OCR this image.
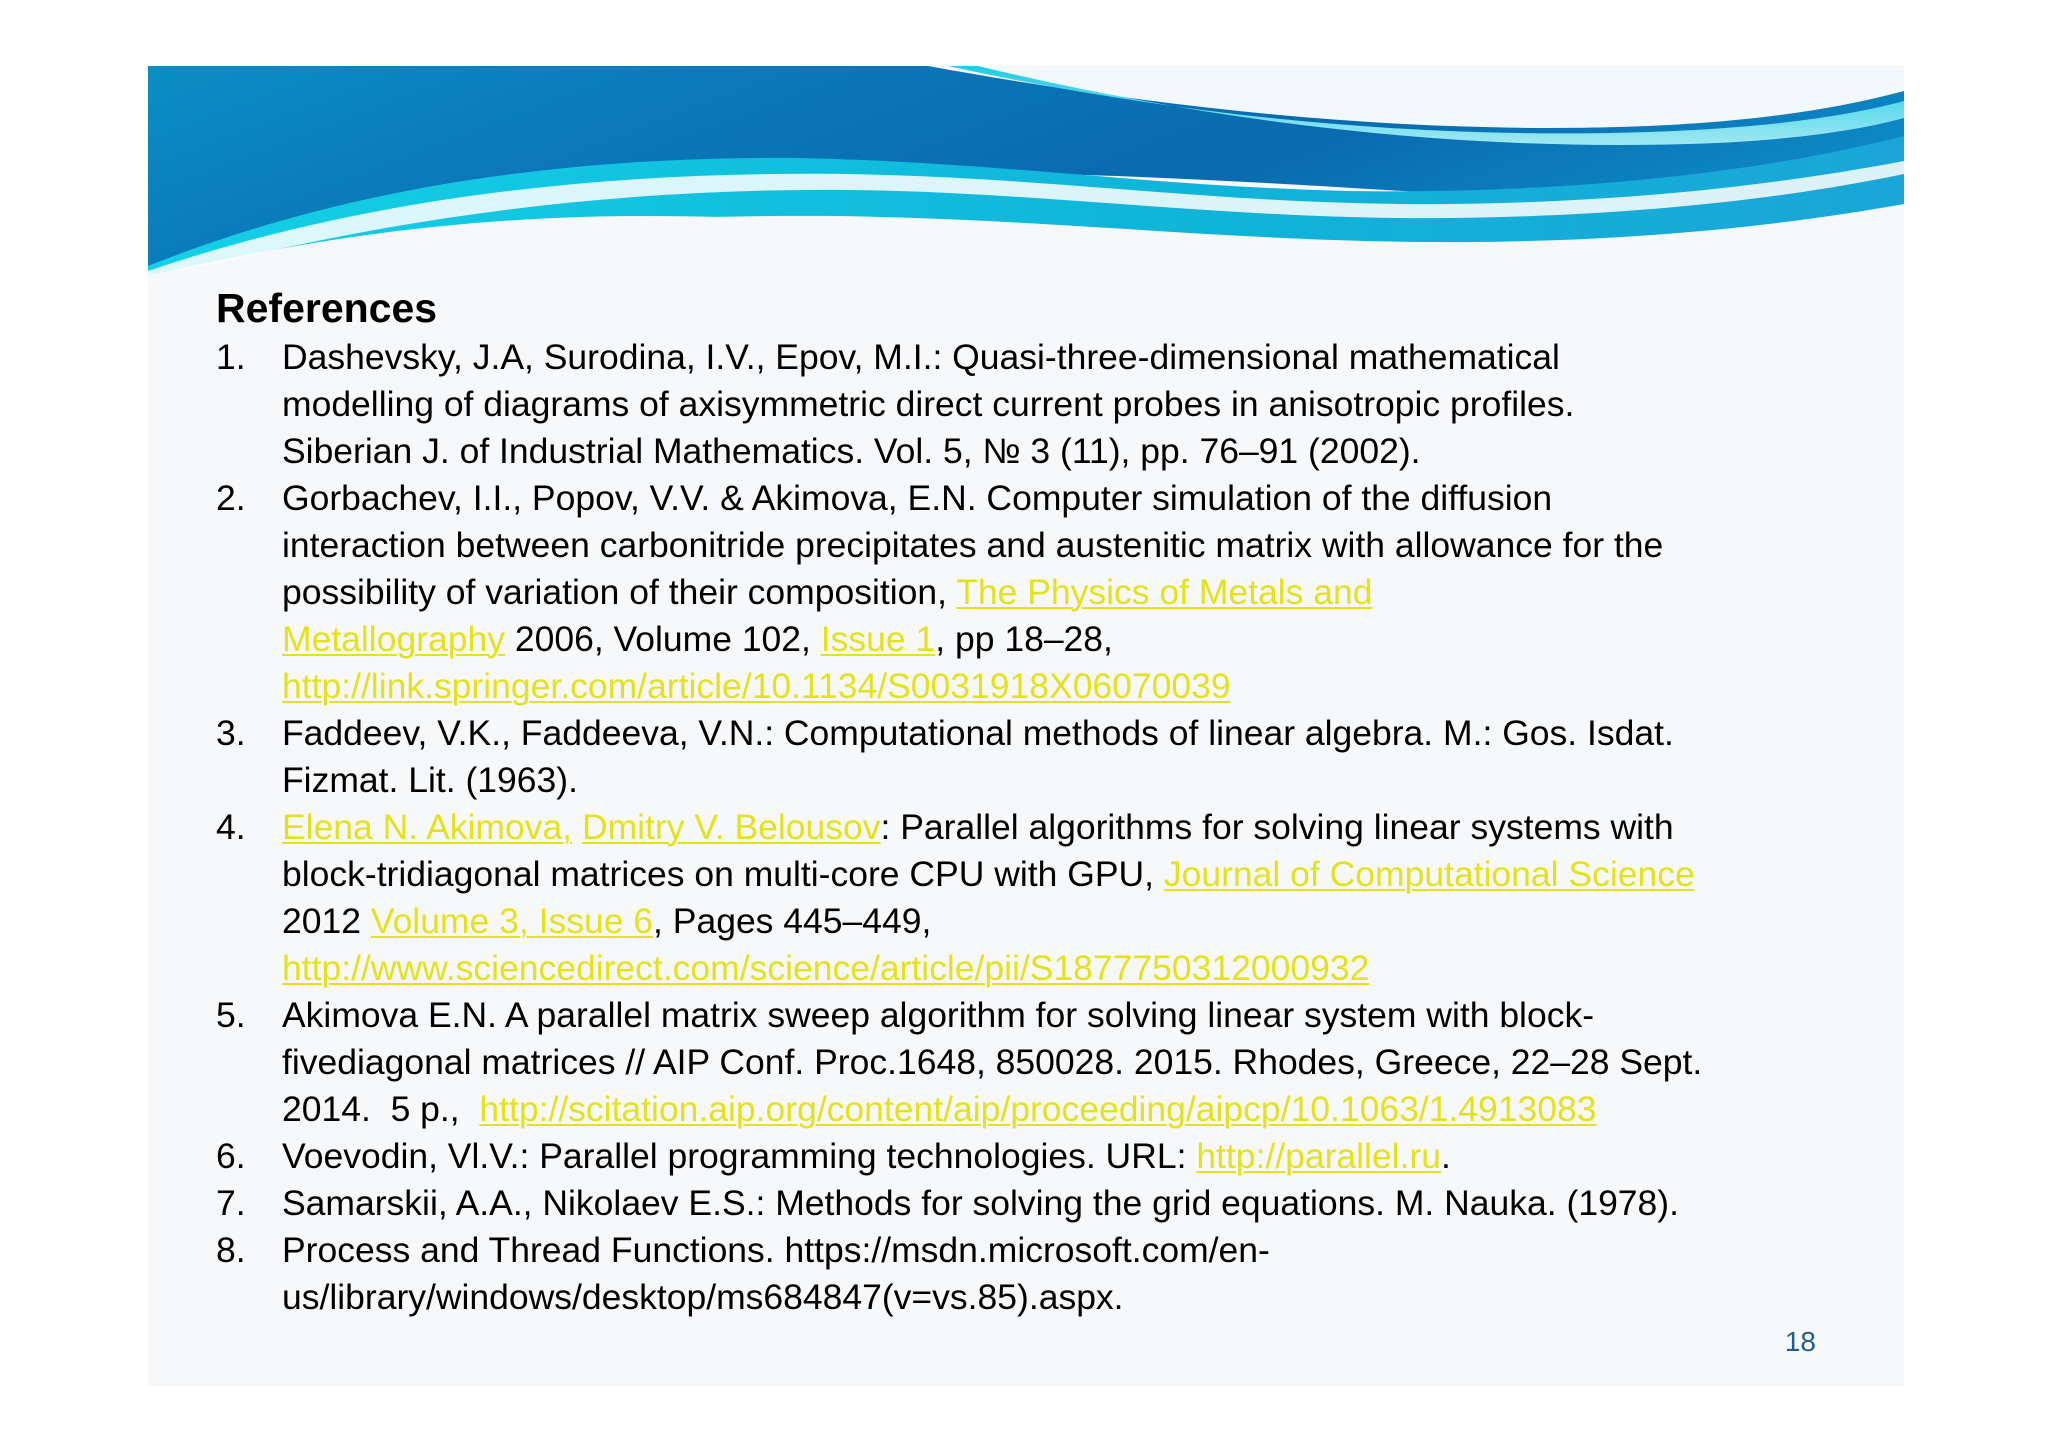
References
1. Dashevsky, J.A, Surodina, I.V., Epov, M.I.: Quasi-three-dimensional mathematical
modelling of diagrams of axisymmetric direct current probes in anisotropic profiles.
Siberian J. of Industrial Mathematics. Vol. 5, № 3 (11), pp. 76–91 (2002).
2. Gorbachev, I.I., Popov, V.V. & Akimova, E.N. Computer simulation of the diffusion
interaction between carbonitride precipitates and austenitic matrix with allowance for the
possibility of variation of their composition, The Physics of Metals and
Metallography 2006, Volume 102, Issue 1, pp 18–28,
http://link.springer.com/article/10.1134/S0031918X06070039
3. Faddeev, V.K., Faddeeva, V.N.: Computational methods of linear algebra. M.: Gos. Isdat.
Fizmat. Lit. (1963).
4. Elena N. Akimova, Dmitry V. Belousov: Parallel algorithms for solving linear systems with
block-tridiagonal matrices on multi-core CPU with GPU, Journal of Computational Science
2012 Volume 3, Issue 6, Pages 445–449,
http://www.sciencedirect.com/science/article/pii/S1877750312000932
5. Akimova E.N. A parallel matrix sweep algorithm for solving linear system with block-
fivediagonal matrices // AIP Conf. Proc.1648, 850028. 2015. Rhodes, Greece, 22–28 Sept.
2014.  5 p.,  http://scitation.aip.org/content/aip/proceeding/aipcp/10.1063/1.4913083
6. Voevodin, Vl.V.: Parallel programming technologies. URL: http://parallel.ru.
7. Samarskii, A.A., Nikolaev E.S.: Methods for solving the grid equations. M. Nauka. (1978).
8. Process and Thread Functions. https://msdn.microsoft.com/en-
us/library/windows/desktop/ms684847(v=vs.85).aspx.
18
